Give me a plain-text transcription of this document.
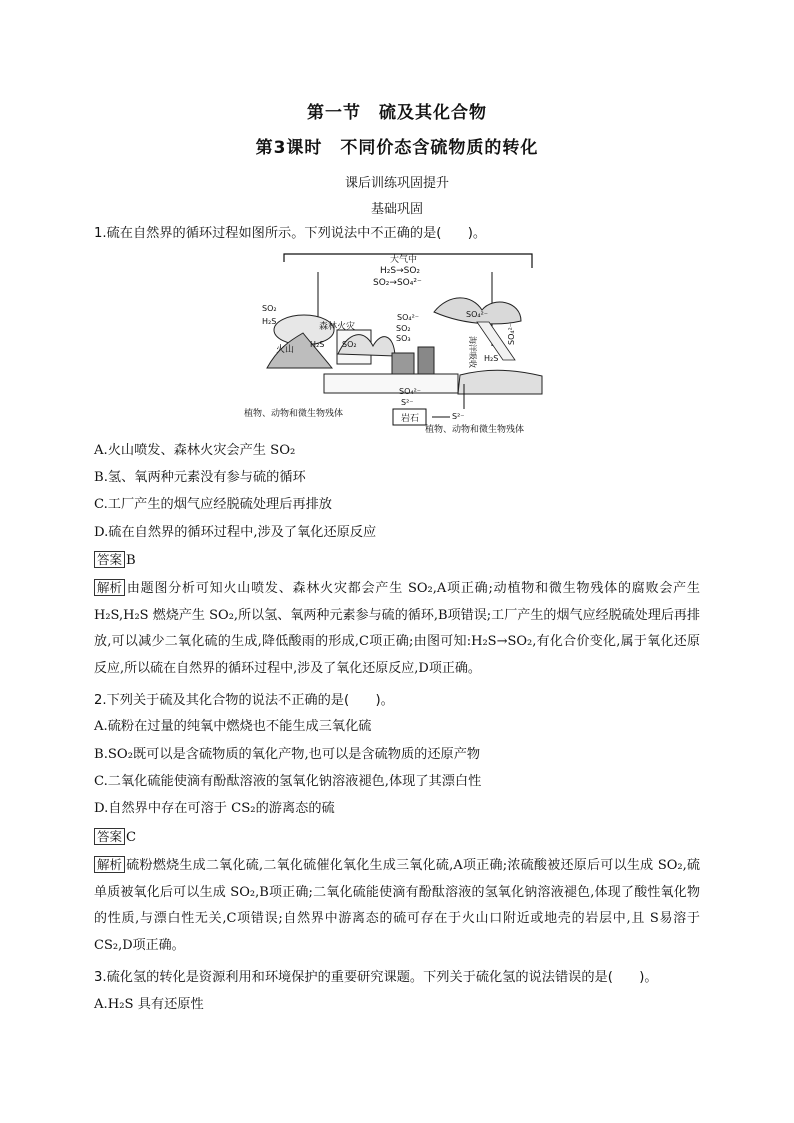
第一节　硫及其化合物
第3课时　不同价态含硫物质的转化
课后训练巩固提升
基础巩固
1.硫在自然界的循环过程如图所示。下列说法中不正确的是(　　)。
大气中
H₂S→SO₂
SO₂→SO₄²⁻
SO₂
H₂S
火山
森林火灾
H₂S SO₂
SO₄²⁻
SO₂
SO₃
SO₄²⁻
SO₄²⁻
海洋吸收 H₂S
SO₄²⁻
S²⁻
岩石	S²⁻
植物、动物和微生物残体
植物、动物和微生物残体
A.火山喷发、森林火灾会产生 SO₂
B.氢、氧两种元素没有参与硫的循环
C.工厂产生的烟气应经脱硫处理后再排放
D.硫在自然界的循环过程中,涉及了氧化还原反应
答案 B
解析 由题图分析可知火山喷发、森林火灾都会产生 SO₂,A项正确;动植物和微生物残体的腐败会产生 H₂S,H₂S 燃烧产生 SO₂,所以氢、氧两种元素参与硫的循环,B项错误;工厂产生的烟气应经脱硫处理后再排放,可以减少二氧化硫的生成,降低酸雨的形成,C项正确;由图可知:H₂S→SO₂,有化合价变化,属于氧化还原反应,所以硫在自然界的循环过程中,涉及了氧化还原反应,D项正确。
2.下列关于硫及其化合物的说法不正确的是(　　)。
A.硫粉在过量的纯氧中燃烧也不能生成三氧化硫
B.SO₂既可以是含硫物质的氧化产物,也可以是含硫物质的还原产物
C.二氧化硫能使滴有酚酞溶液的氢氧化钠溶液褪色,体现了其漂白性
D.自然界中存在可溶于 CS₂的游离态的硫
答案 C
解析 硫粉燃烧生成二氧化硫,二氧化硫催化氧化生成三氧化硫,A项正确;浓硫酸被还原后可以生成 SO₂,硫单质被氧化后可以生成 SO₂,B项正确;二氧化硫能使滴有酚酞溶液的氢氧化钠溶液褪色,体现了酸性氧化物的性质,与漂白性无关,C项错误;自然界中游离态的硫可存在于火山口附近或地壳的岩层中,且 S易溶于 CS₂,D项正确。
3.硫化氢的转化是资源利用和环境保护的重要研究课题。下列关于硫化氢的说法错误的是(　　)。
A.H₂S 具有还原性
